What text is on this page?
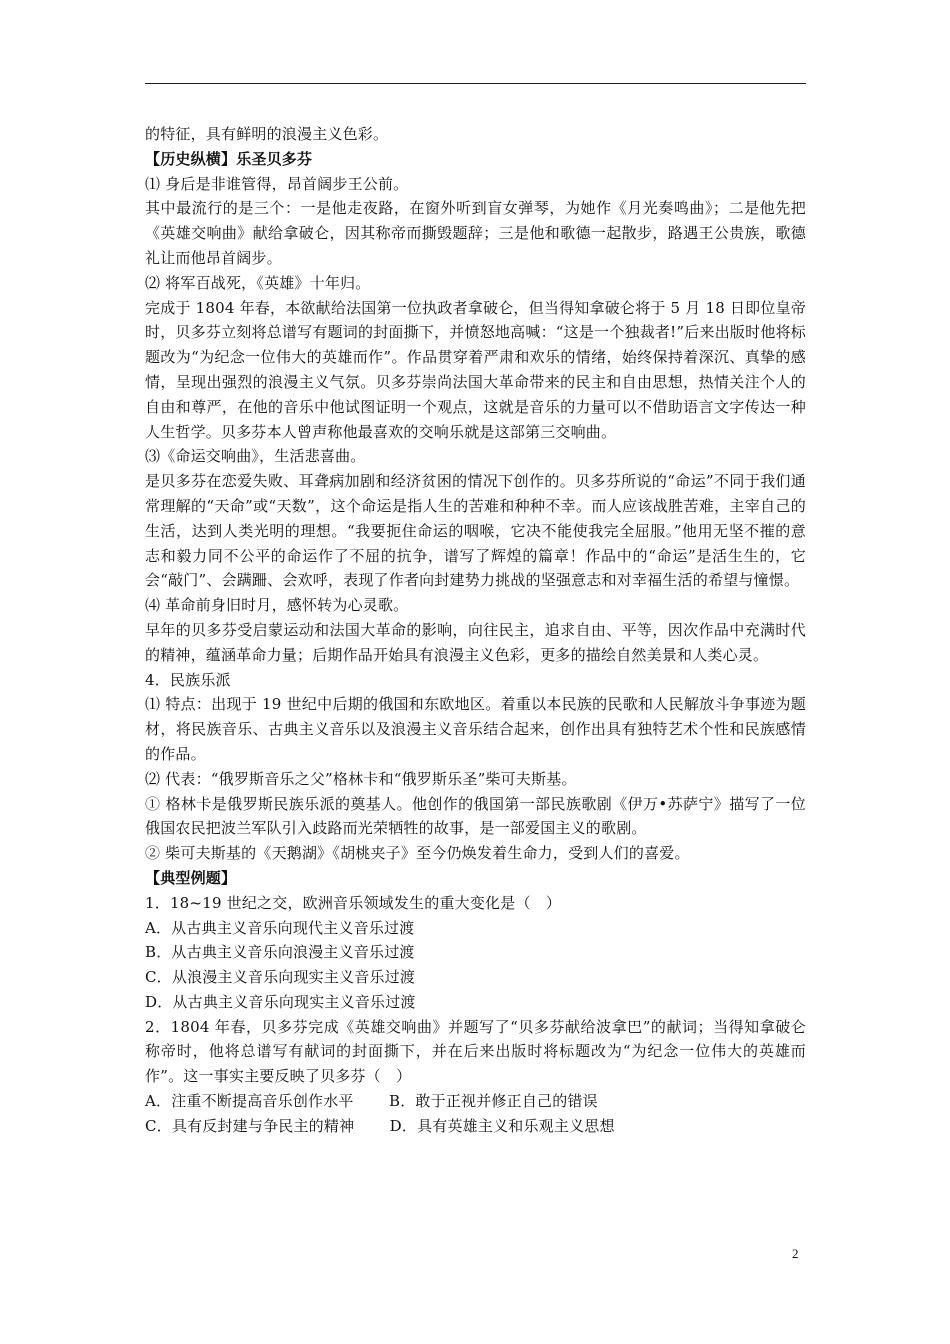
的特征，具有鲜明的浪漫主义色彩。

【历史纵横】乐圣贝多芬

⑴ 身后是非谁管得，昂首阔步王公前。

其中最流行的是三个：一是他走夜路，在窗外听到盲女弹琴，为她作《月光奏鸣曲》；二是他先把《英雄交响曲》献给拿破仑，因其称帝而撕毁题辞；三是他和歌德一起散步，路遇王公贵族，歌德礼让而他昂首阔步。

⑵ 将军百战死，《英雄》十年归。

完成于 1804 年春，本欲献给法国第一位执政者拿破仑，但当得知拿破仑将于 5 月 18 日即位皇帝时，贝多芬立刻将总谱写有题词的封面撕下，并愤怒地高喊：“这是一个独裁者!”后来出版时他将标题改为“为纪念一位伟大的英雄而作”。作品贯穿着严肃和欢乐的情绪，始终保持着深沉、真挚的感情，呈现出强烈的浪漫主义气氛。贝多芬崇尚法国大革命带来的民主和自由思想，热情关注个人的自由和尊严，在他的音乐中他试图证明一个观点，这就是音乐的力量可以不借助语言文字传达一种人生哲学。贝多芬本人曾声称他最喜欢的交响乐就是这部第三交响曲。

⑶《命运交响曲》，生活悲喜曲。

是贝多芬在恋爱失败、耳聋病加剧和经济贫困的情况下创作的。贝多芬所说的“命运”不同于我们通常理解的“天命”或“天数”，这个命运是指人生的苦难和种种不幸。而人应该战胜苦难，主宰自己的生活，达到人类光明的理想。“我要扼住命运的咽喉，它决不能使我完全屈服。”他用无坚不摧的意志和毅力同不公平的命运作了不屈的抗争，谱写了辉煌的篇章！作品中的“命运”是活生生的，它会“敲门”、会蹒跚、会欢呼，表现了作者向封建势力挑战的坚强意志和对幸福生活的希望与憧憬。

⑷ 革命前身旧时月，感怀转为心灵歌。

早年的贝多芬受启蒙运动和法国大革命的影响，向往民主，追求自由、平等，因次作品中充满时代的精神，蕴涵革命力量；后期作品开始具有浪漫主义色彩，更多的描绘自然美景和人类心灵。

4．民族乐派

⑴ 特点：出现于 19 世纪中后期的俄国和东欧地区。着重以本民族的民歌和人民解放斗争事迹为题材，将民族音乐、古典主义音乐以及浪漫主义音乐结合起来，创作出具有独特艺术个性和民族感情的作品。

⑵ 代表：“俄罗斯音乐之父”格林卡和“俄罗斯乐圣”柴可夫斯基。

① 格林卡是俄罗斯民族乐派的奠基人。他创作的俄国第一部民族歌剧《伊万•苏萨宁》描写了一位俄国农民把波兰军队引入歧路而光荣牺牲的故事，是一部爱国主义的歌剧。

② 柴可夫斯基的《天鹅湖》《胡桃夹子》至今仍焕发着生命力，受到人们的喜爱。

【典型例题】

1．18~19 世纪之交，欧洲音乐领域发生的重大变化是（　）

A．从古典主义音乐向现代主义音乐过渡

B．从古典主义音乐向浪漫主义音乐过渡

C．从浪漫主义音乐向现实主义音乐过渡

D．从古典主义音乐向现实主义音乐过渡

2．1804 年春，贝多芬完成《英雄交响曲》并题写了“贝多芬献给波拿巴”的献词；当得知拿破仑称帝时，他将总谱写有献词的封面撕下，并在后来出版时将标题改为“为纪念一位伟大的英雄而作”。这一事实主要反映了贝多芬（　）

A．注重不断提高音乐创作水平　　 B．敢于正视并修正自己的错误

C．具有反封建与争民主的精神　　 D．具有英雄主义和乐观主义思想

2
